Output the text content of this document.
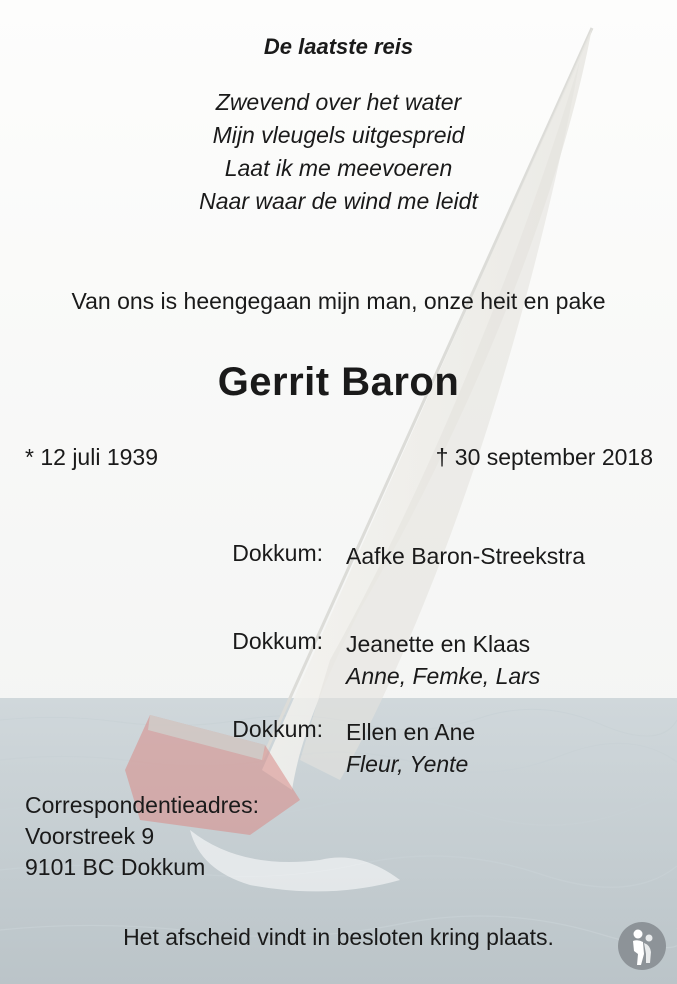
De laatste reis
Zwevend over het water
Mijn vleugels uitgespreid
Laat ik me meevoeren
Naar waar de wind me leidt
Van ons is heengegaan mijn man, onze heit en pake
Gerrit Baron
* 12 juli 1939	† 30 september 2018
Dokkum: Aafke Baron-Streekstra
Dokkum: Jeanette en Klaas
Anne, Femke, Lars
Dokkum: Ellen en Ane
Fleur, Yente
Correspondentieadres:
Voorstreek 9
9101 BC Dokkum
Het afscheid vindt in besloten kring plaats.
